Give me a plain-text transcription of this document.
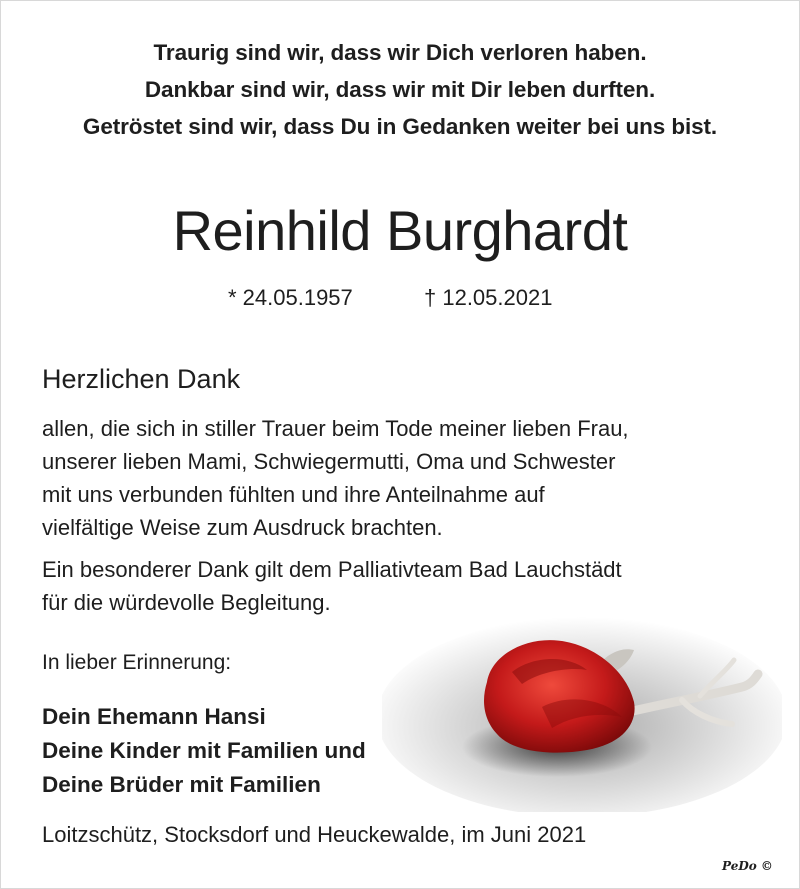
Traurig sind wir, dass wir Dich verloren haben.
Dankbar sind wir, dass wir mit Dir leben durften.
Getröstet sind wir, dass Du in Gedanken weiter bei uns bist.
Reinhild Burghardt
* 24.05.1957	† 12.05.2021
Herzlichen Dank
allen, die sich in stiller Trauer beim Tode meiner lieben Frau,
unserer lieben Mami, Schwiegermutti, Oma und Schwester
mit uns verbunden fühlten und ihre Anteilnahme auf
vielfältige Weise zum Ausdruck brachten.
Ein besonderer Dank gilt dem Palliativteam Bad Lauchstädt
für die würdevolle Begleitung.
In lieber Erinnerung:
Dein Ehemann Hansi
Deine Kinder mit Familien und
Deine Brüder mit Familien
Loitzschütz, Stocksdorf und Heuckewalde, im Juni 2021
PeDo ©
